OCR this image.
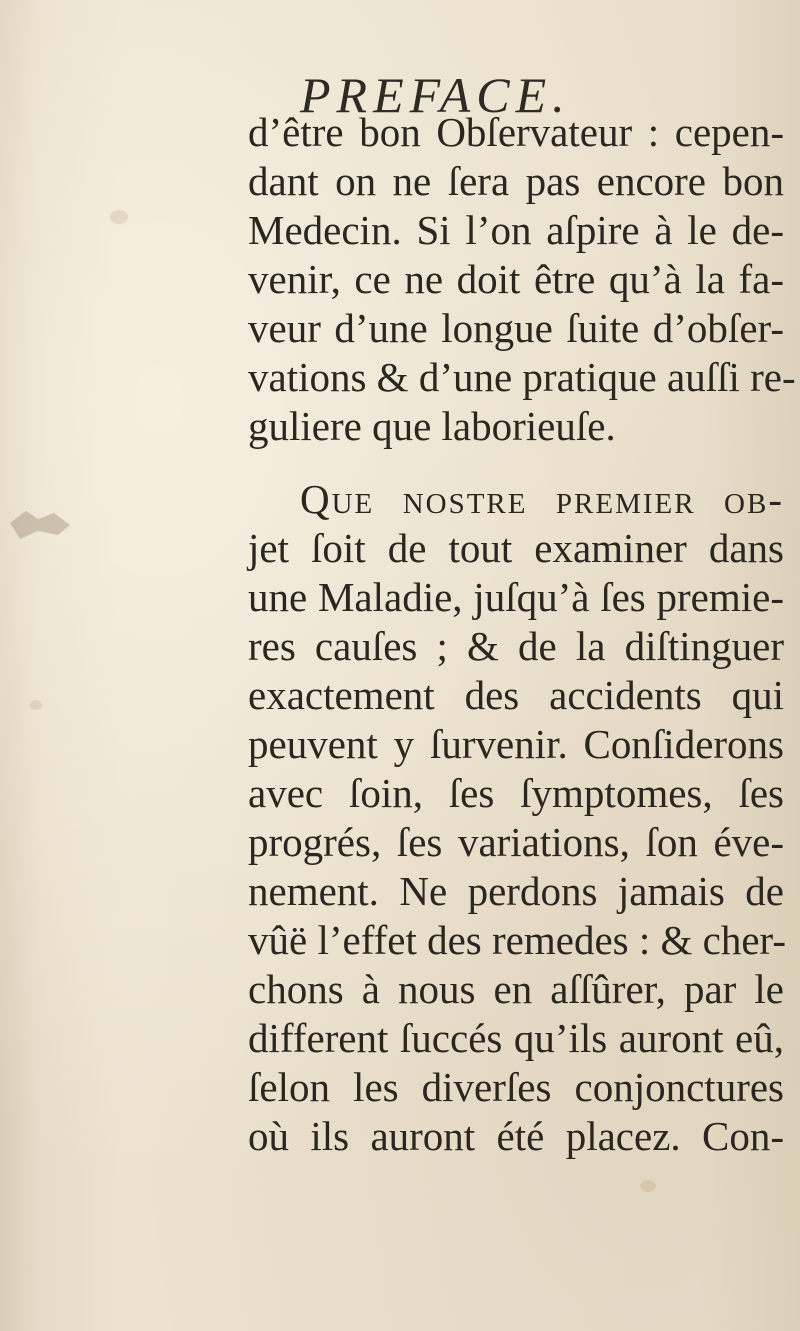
PREFACE.
d’être bon Obſervateur : cepen-
dant on ne ſera pas encore bon
Medecin. Si l’on aſpire à le de-
venir, ce ne doit être qu’à la fa-
veur d’une longue ſuite d’obſer-
vations & d’une pratique auſſi re-
guliere que laborieuſe.
Que nostre premier ob-
jet ſoit de tout examiner dans
une Maladie, juſqu’à ſes premie-
res cauſes ; & de la diſtinguer
exactement des accidents qui
peuvent y ſurvenir. Conſiderons
avec ſoin, ſes ſymptomes, ſes
progrés, ſes variations, ſon éve-
nement. Ne perdons jamais de
vûë l’effet des remedes : & cher-
chons à nous en aſſûrer, par le
different ſuccés qu’ils auront eû,
ſelon les diverſes conjonctures
où ils auront été placez. Con-
